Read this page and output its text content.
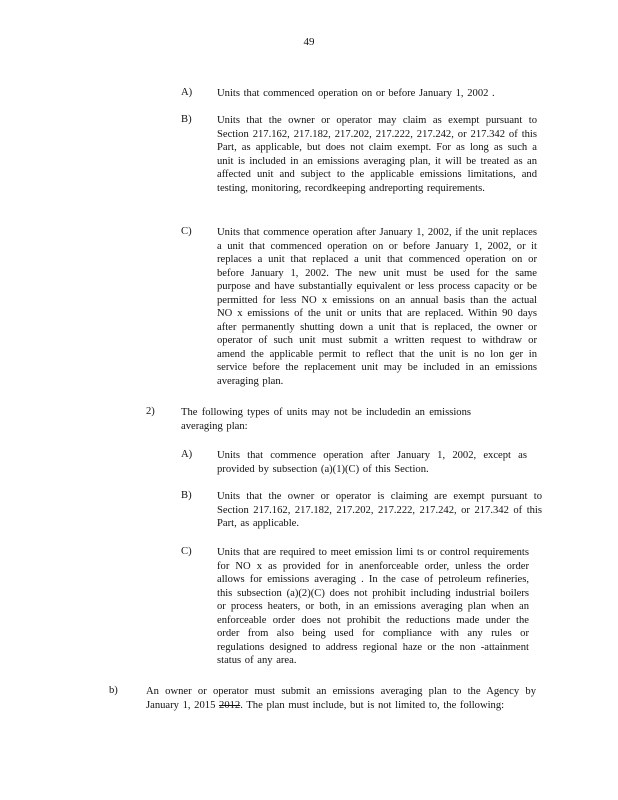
49
A)	Units that commenced operation on or before January 1, 2002 .
B)	Units that the owner or operator may claim as exempt pursuant to Section 217.162, 217.182, 217.202, 217.222, 217.242, or 217.342 of this Part, as applicable, but does not claim exempt. For as long as such a unit is included in an emissions averaging plan, it will be treated as an affected unit and subject to the applicable emissions limitations, and testing, monitoring, recordkeeping andreporting requirements.
C)	Units that commence operation after January 1, 2002, if the unit replaces a unit that commenced operation on or before January 1, 2002, or it replaces a unit that replaced a unit that commenced operation on or before January 1, 2002. The new unit must be used for the same purpose and have substantially equivalent or less process capacity or be permitted for less NO x emissions on an annual basis than the actual NO x emissions of the unit or units that are replaced. Within 90 days after permanently shutting down a unit that is replaced, the owner or operator of such unit must submit a written request to withdraw or amend the applicable permit to reflect that the unit is no lon ger in service before the replacement unit may be included in an emissions averaging plan.
2)	The following types of units may not be includedin an emissions averaging plan:
A)	Units that commence operation after January 1, 2002, except as provided by subsection (a)(1)(C) of this Section.
B)	Units that the owner or operator is claiming are exempt pursuant to Section 217.162, 217.182, 217.202, 217.222, 217.242, or 217.342 of this Part, as applicable.
C)	Units that are required to meet emission limi ts or control requirements for NO x as provided for in anenforceable order, unless the order allows for emissions averaging . In the case of petroleum refineries, this subsection (a)(2)(C) does not prohibit including industrial boilers or process heaters, or both, in an emissions averaging plan when an enforceable order does not prohibit the reductions made under the order from also being used for compliance with any rules or regulations designed to address regional haze or the non -attainment status of any area.
b)	An owner or operator must submit an emissions averaging plan to the Agency by January 1, 2015 2012. The plan must include, but is not limited to, the following:
